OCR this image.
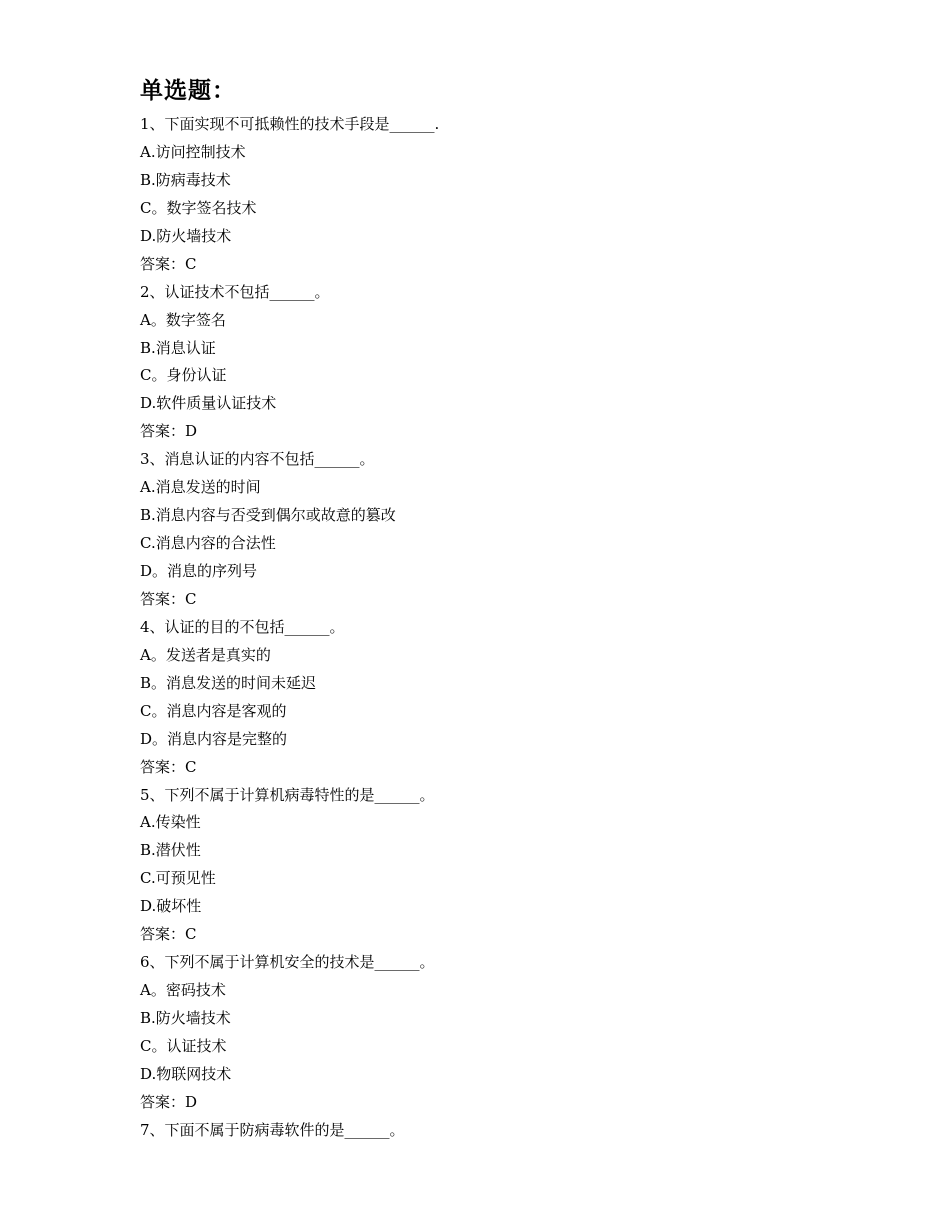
单选题：
1、下面实现不可抵赖性的技术手段是______.
A.访问控制技术
B.防病毒技术
C。数字签名技术
D.防火墙技术
答案：C
2、认证技术不包括______。
A。数字签名
B.消息认证
C。身份认证
D.软件质量认证技术
答案：D
3、消息认证的内容不包括______。
A.消息发送的时间
B.消息内容与否受到偶尔或故意的篡改
C.消息内容的合法性
D。消息的序列号
答案：C
4、认证的目的不包括______。
A。发送者是真实的
B。消息发送的时间未延迟
C。消息内容是客观的
D。消息内容是完整的
答案：C
5、下列不属于计算机病毒特性的是______。
A.传染性
B.潜伏性
C.可预见性
D.破坏性
答案：C
6、下列不属于计算机安全的技术是______。
A。密码技术
B.防火墙技术
C。认证技术
D.物联网技术
答案：D
7、下面不属于防病毒软件的是______。
